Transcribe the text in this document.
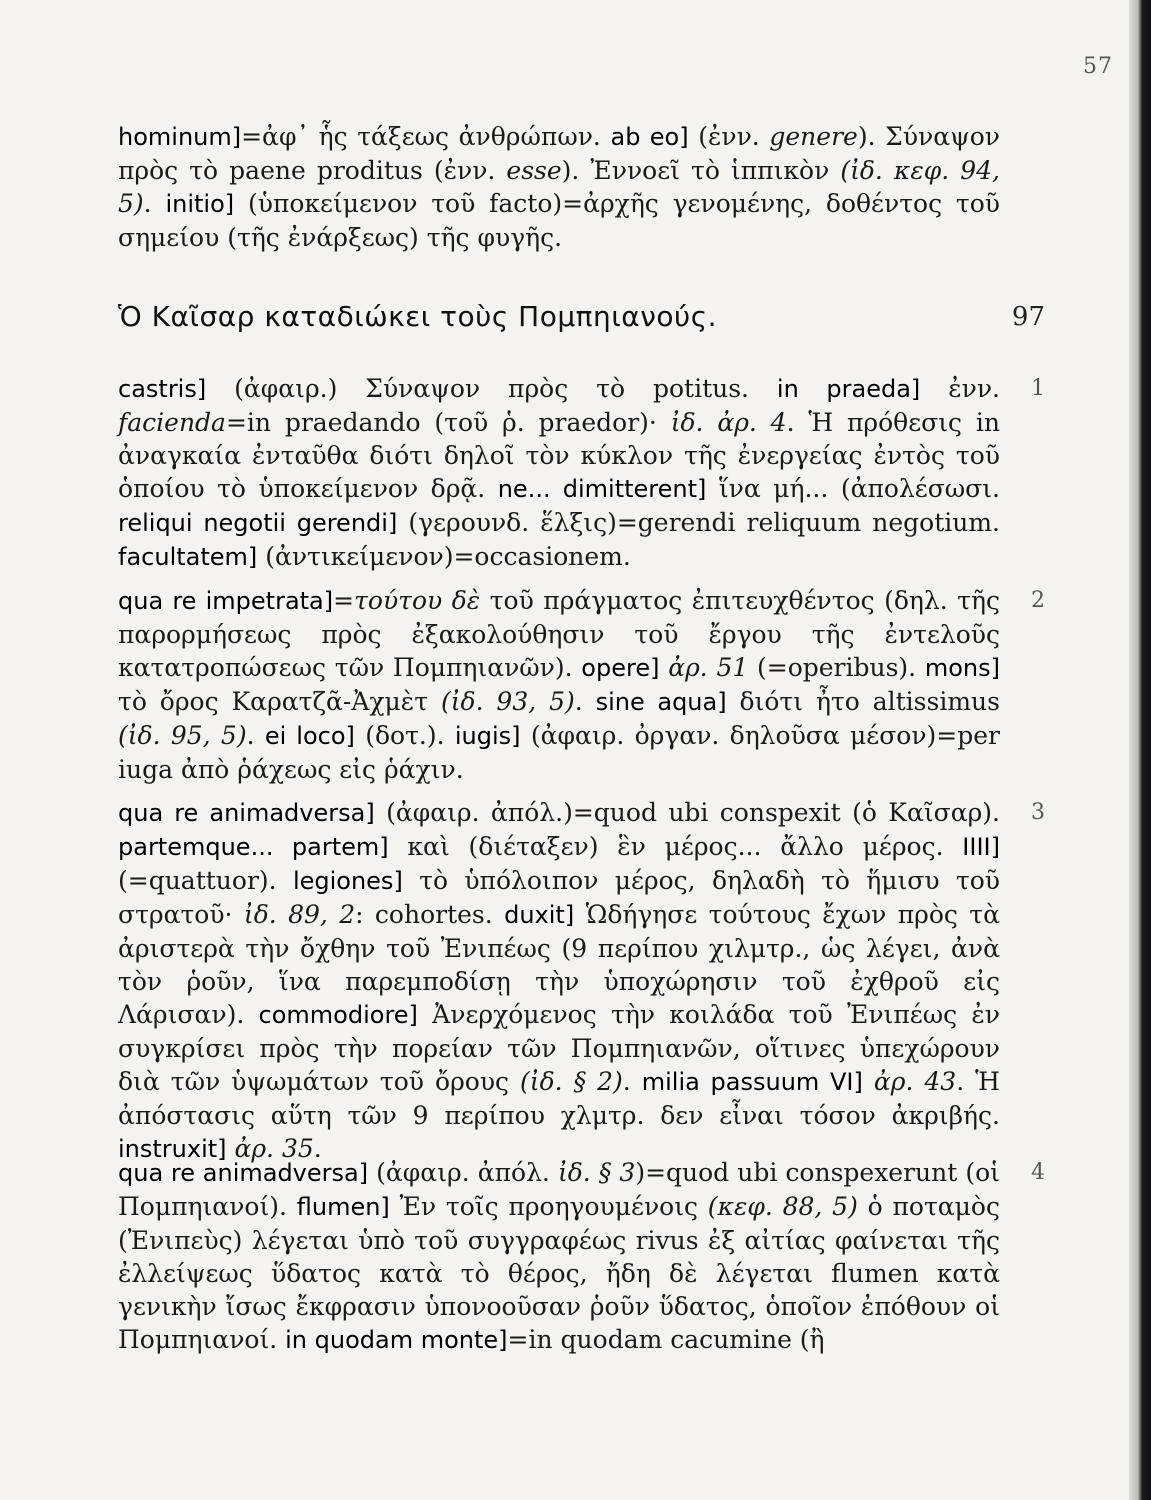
57

hominum]=ἀφ᾽ ἧς τάξεως ἀνθρώπων. ab eo] (ἐνν. genere). Σύναψον πρὸς τὸ paene proditus (ἐνν. esse). Ἐννοεῖ τὸ ἱππικὸν (ἰδ. κεφ. 94, 5). initio] (ὑποκείμενον τοῦ facto)=ἀρχῆς γενομένης, δοθέντος τοῦ σημείου (τῆς ἐνάρξεως) τῆς φυγῆς.

Ὁ Καῖσαρ καταδιώκει τοὺς Πομπηιανούς.	97
1
2
3
4

castris] (ἀφαιρ.) Σύναψον πρὸς τὸ potitus. in praeda] ἐνν. facienda=in praedando (τοῦ ῥ. praedor)· ἰδ. ἀρ. 4. Ἡ πρόθεσις in ἀναγκαία ἐνταῦθα διότι δηλοῖ τὸν κύκλον τῆς ἐνεργείας ἐντὸς τοῦ ὁποίου τὸ ὑποκείμενον δρᾷ. ne... dimitterent] ἵνα μή... (ἀπολέσωσι. reliqui negotii gerendi] (γερουνδ. ἕλξις)=gerendi reliquum negotium. facultatem] (ἀντικείμενον)=occasionem.

qua re impetrata]=τούτου δὲ τοῦ πράγματος ἐπιτευχθέντος (δηλ. τῆς παρορμήσεως πρὸς ἐξακολούθησιν τοῦ ἔργου τῆς ἐντελοῦς κατατροπώσεως τῶν Πομπηιανῶν). opere] ἀρ. 51 (=operibus). mons] τὸ ὄρος Καρατζᾶ-Ἀχμὲτ (ἰδ. 93, 5). sine aqua] διότι ἦτο altissimus (ἰδ. 95, 5). ei loco] (δοτ.). iugis] (ἀφαιρ. ὀργαν. δηλοῦσα μέσον)=per iuga ἀπὸ ῥάχεως εἰς ῥάχιν.

qua re animadversa] (ἀφαιρ. ἀπόλ.)=quod ubi conspexit (ὁ Καῖσαρ). partemque... partem] καὶ (διέταξεν) ἓν μέρος... ἄλλο μέρος. IIII] (=quattuor). legiones] τὸ ὑπόλοιπον μέρος, δηλαδὴ τὸ ἥμισυ τοῦ στρατοῦ· ἰδ. 89, 2: cohortes. duxit] Ὡδήγησε τούτους ἔχων πρὸς τὰ ἀριστερὰ τὴν ὄχθην τοῦ Ἐνιπέως (9 περίπου χιλμτρ., ὡς λέγει, ἀνὰ τὸν ῥοῦν, ἵνα παρεμποδίσῃ τὴν ὑποχώρησιν τοῦ ἐχθροῦ εἰς Λάρισαν). commodiore] Ἀνερχόμενος τὴν κοιλάδα τοῦ Ἐνιπέως ἐν συγκρίσει πρὸς τὴν πορείαν τῶν Πομπηιανῶν, οἵτινες ὑπεχώρουν διὰ τῶν ὑψωμάτων τοῦ ὄρους (ἰδ. § 2). milia passuum VI] ἀρ. 43. Ἡ ἀπόστασις αὕτη τῶν 9 περίπου χλμτρ. δεν εἶναι τόσον ἀκριβής. instruxit] ἀρ. 35.

qua re animadversa] (ἀφαιρ. ἀπόλ. ἰδ. § 3)=quod ubi conspexerunt (οἱ Πομπηιανοί). flumen] Ἐν τοῖς προηγουμένοις (κεφ. 88, 5) ὁ ποταμὸς (Ἐνιπεὺς) λέγεται ὑπὸ τοῦ συγγραφέως rivus ἐξ αἰτίας φαίνεται τῆς ἐλλείψεως ὕδατος κατὰ τὸ θέρος, ἤδη δὲ λέγεται flumen κατὰ γενικὴν ἴσως ἔκφρασιν ὑπονοοῦσαν ῥοῦν ὕδατος, ὁποῖον ἐπόθουν οἱ Πομπηιανοί. in quodam monte]=in quodam cacumine (ἢ
